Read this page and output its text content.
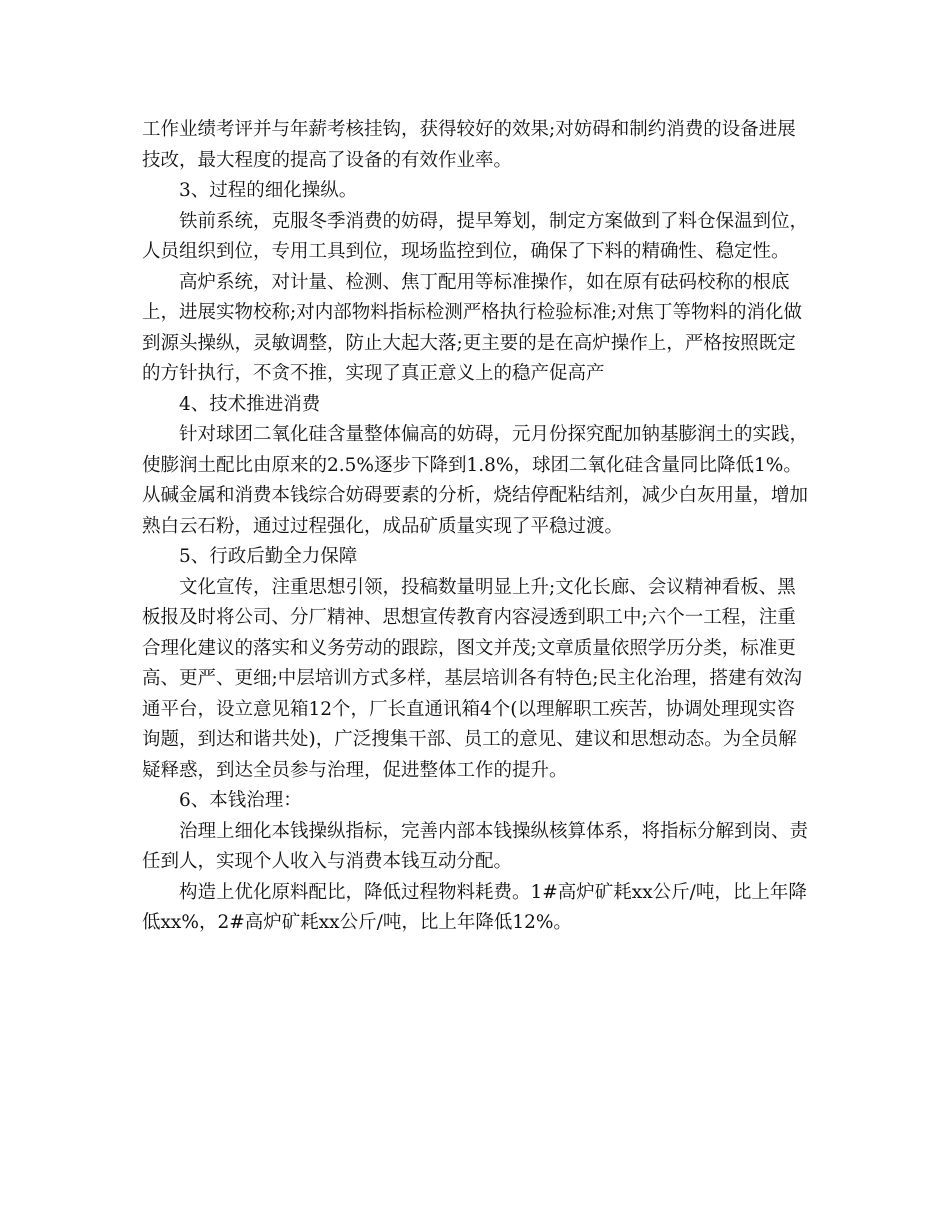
工作业绩考评并与年薪考核挂钩，获得较好的效果;对妨碍和制约消费的设备进展技改，最大程度的提高了设备的有效作业率。

3、过程的细化操纵。

铁前系统，克服冬季消费的妨碍，提早筹划，制定方案做到了料仓保温到位，人员组织到位，专用工具到位，现场监控到位，确保了下料的精确性、稳定性。

高炉系统，对计量、检测、焦丁配用等标准操作，如在原有砝码校称的根底上，进展实物校称;对内部物料指标检测严格执行检验标准;对焦丁等物料的消化做到源头操纵，灵敏调整，防止大起大落;更主要的是在高炉操作上，严格按照既定的方针执行，不贪不推，实现了真正意义上的稳产促高产

4、技术推进消费

针对球团二氧化硅含量整体偏高的妨碍，元月份探究配加钠基膨润土的实践，使膨润土配比由原来的2.5%逐步下降到1.8%，球团二氧化硅含量同比降低1%。从碱金属和消费本钱综合妨碍要素的分析，烧结停配粘结剂，减少白灰用量，增加熟白云石粉，通过过程强化，成品矿质量实现了平稳过渡。

5、行政后勤全力保障

文化宣传，注重思想引领，投稿数量明显上升;文化长廊、会议精神看板、黑板报及时将公司、分厂精神、思想宣传教育内容浸透到职工中;六个一工程，注重合理化建议的落实和义务劳动的跟踪，图文并茂;文章质量依照学历分类，标准更高、更严、更细;中层培训方式多样，基层培训各有特色;民主化治理，搭建有效沟通平台，设立意见箱12个，厂长直通讯箱4个(以理解职工疾苦，协调处理现实咨询题，到达和谐共处)，广泛搜集干部、员工的意见、建议和思想动态。为全员解疑释惑，到达全员参与治理，促进整体工作的提升。

6、本钱治理：

治理上细化本钱操纵指标，完善内部本钱操纵核算体系，将指标分解到岗、责任到人，实现个人收入与消费本钱互动分配。

构造上优化原料配比，降低过程物料耗费。1#高炉矿耗xx公斤/吨，比上年降低xx%，2#高炉矿耗xx公斤/吨，比上年降低12%。
